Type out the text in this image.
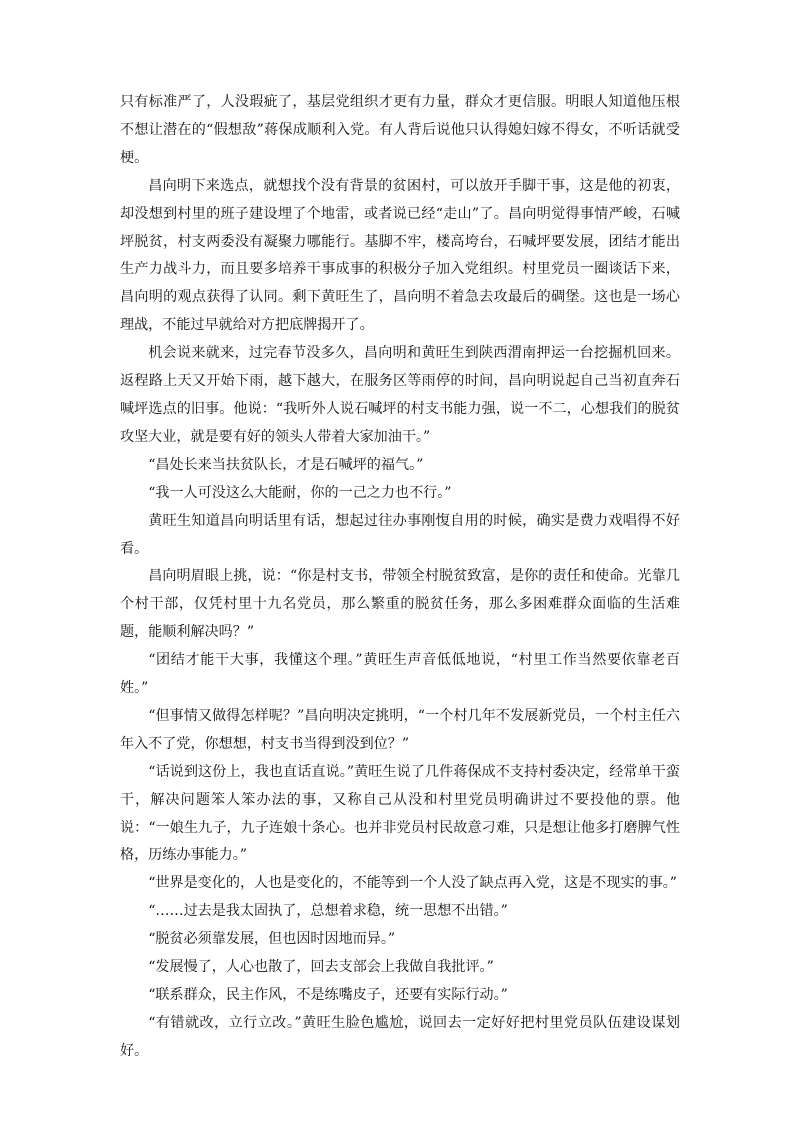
只有标准严了，人没瑕疵了，基层党组织才更有力量，群众才更信服。明眼人知道他压根不想让潜在的“假想敌”蒋保成顺利入党。有人背后说他只认得媳妇嫁不得女，不听话就受梗。

昌向明下来选点，就想找个没有背景的贫困村，可以放开手脚干事，这是他的初衷，却没想到村里的班子建设埋了个地雷，或者说已经“走山”了。昌向明觉得事情严峻，石喊坪脱贫，村支两委没有凝聚力哪能行。基脚不牢，楼高垮台，石喊坪要发展，团结才能出生产力战斗力，而且要多培养干事成事的积极分子加入党组织。村里党员一圈谈话下来，昌向明的观点获得了认同。剩下黄旺生了，昌向明不着急去攻最后的碉堡。这也是一场心理战，不能过早就给对方把底牌揭开了。

机会说来就来，过完春节没多久，昌向明和黄旺生到陕西渭南押运一台挖掘机回来。返程路上天又开始下雨，越下越大，在服务区等雨停的时间，昌向明说起自己当初直奔石喊坪选点的旧事。他说：“我听外人说石喊坪的村支书能力强，说一不二，心想我们的脱贫攻坚大业，就是要有好的领头人带着大家加油干。”

“昌处长来当扶贫队长，才是石喊坪的福气。”

“我一人可没这么大能耐，你的一己之力也不行。”

黄旺生知道昌向明话里有话，想起过往办事刚愎自用的时候，确实是费力戏唱得不好看。

昌向明眉眼上挑，说：“你是村支书，带领全村脱贫致富，是你的责任和使命。光靠几个村干部，仅凭村里十九名党员，那么繁重的脱贫任务，那么多困难群众面临的生活难题，能顺利解决吗？”

“团结才能干大事，我懂这个理。”黄旺生声音低低地说，“村里工作当然要依靠老百姓。”

“但事情又做得怎样呢？”昌向明决定挑明，“一个村几年不发展新党员，一个村主任六年入不了党，你想想，村支书当得到没到位？”

“话说到这份上，我也直话直说。”黄旺生说了几件蒋保成不支持村委决定，经常单干蛮干，解决问题笨人笨办法的事，又称自己从没和村里党员明确讲过不要投他的票。他说：“一娘生九子，九子连娘十条心。也并非党员村民故意刁难，只是想让他多打磨脾气性格，历练办事能力。”

“世界是变化的，人也是变化的，不能等到一个人没了缺点再入党，这是不现实的事。”

“……过去是我太固执了，总想着求稳，统一思想不出错。”

“脱贫必须靠发展，但也因时因地而异。”

“发展慢了，人心也散了，回去支部会上我做自我批评。”

“联系群众，民主作风，不是练嘴皮子，还要有实际行动。”

“有错就改，立行立改。”黄旺生脸色尴尬，说回去一定好好把村里党员队伍建设谋划好。
